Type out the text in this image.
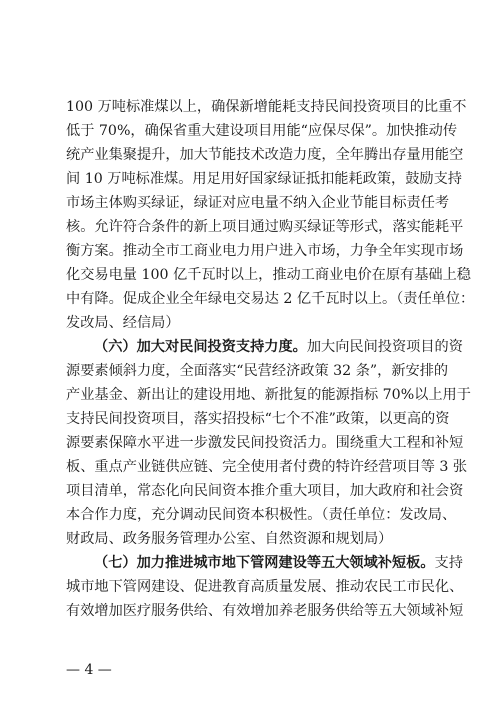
100 万吨标准煤以上，确保新增能耗支持民间投资项目的比重不
低于 70%，确保省重大建设项目用能“应保尽保”。加快推动传
统产业集聚提升，加大节能技术改造力度，全年腾出存量用能空
间 10 万吨标准煤。用足用好国家绿证抵扣能耗政策，鼓励支持
市场主体购买绿证，绿证对应电量不纳入企业节能目标责任考
核。允许符合条件的新上项目通过购买绿证等形式，落实能耗平
衡方案。推动全市工商业电力用户进入市场，力争全年实现市场
化交易电量 100 亿千瓦时以上，推动工商业电价在原有基础上稳
中有降。促成企业全年绿电交易达 2 亿千瓦时以上。（责任单位：
发改局、经信局）
（六）加大对民间投资支持力度。加大向民间投资项目的资
源要素倾斜力度，全面落实“民营经济政策 32 条”，新安排的
产业基金、新出让的建设用地、新批复的能源指标 70%以上用于
支持民间投资项目，落实招投标“七个不准”政策，以更高的资
源要素保障水平进一步激发民间投资活力。围绕重大工程和补短
板、重点产业链供应链、完全使用者付费的特许经营项目等 3 张
项目清单，常态化向民间资本推介重大项目，加大政府和社会资
本合作力度，充分调动民间资本积极性。（责任单位：发改局、
财政局、政务服务管理办公室、自然资源和规划局）
（七）加力推进城市地下管网建设等五大领域补短板。支持
城市地下管网建设、促进教育高质量发展、推动农民工市民化、
有效增加医疗服务供给、有效增加养老服务供给等五大领域补短
— 4 —
